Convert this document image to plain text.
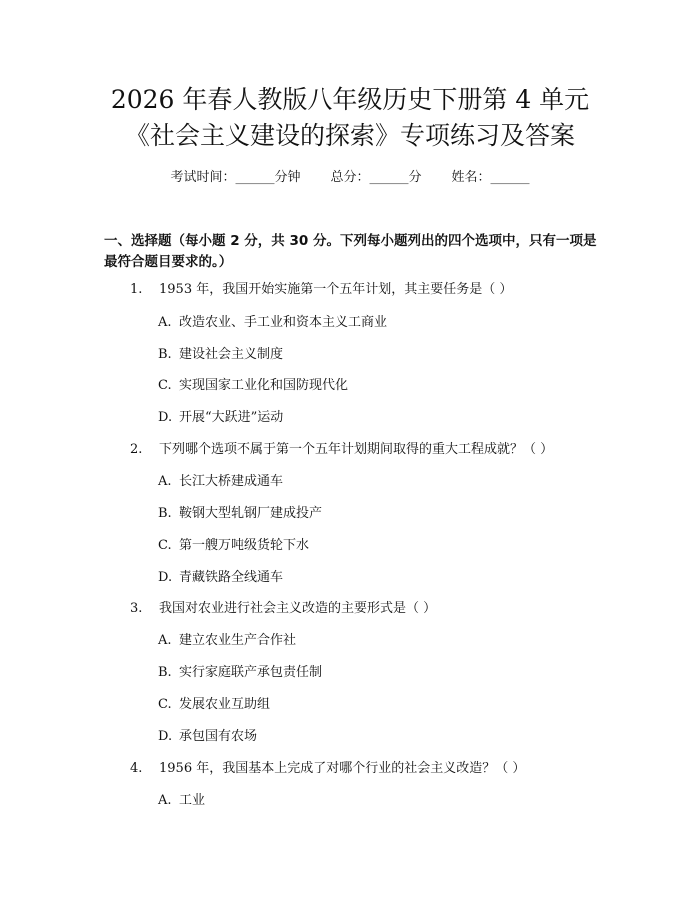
2026 年春人教版八年级历史下册第 4 单元
《社会主义建设的探索》专项练习及答案
考试时间：______分钟 总分：______分 姓名：______
一、选择题（每小题 2 分，共 30 分。下列每小题列出的四个选项中，只有一项是最符合题目要求的。）
1. 1953 年，我国开始实施第一个五年计划，其主要任务是（ ）
A. 改造农业、手工业和资本主义工商业
B. 建设社会主义制度
C. 实现国家工业化和国防现代化
D. 开展“大跃进”运动
2. 下列哪个选项不属于第一个五年计划期间取得的重大工程成就？（ ）
A. 长江大桥建成通车
B. 鞍钢大型轧钢厂建成投产
C. 第一艘万吨级货轮下水
D. 青藏铁路全线通车
3. 我国对农业进行社会主义改造的主要形式是（ ）
A. 建立农业生产合作社
B. 实行家庭联产承包责任制
C. 发展农业互助组
D. 承包国有农场
4. 1956 年，我国基本上完成了对哪个行业的社会主义改造？（ ）
A. 工业
